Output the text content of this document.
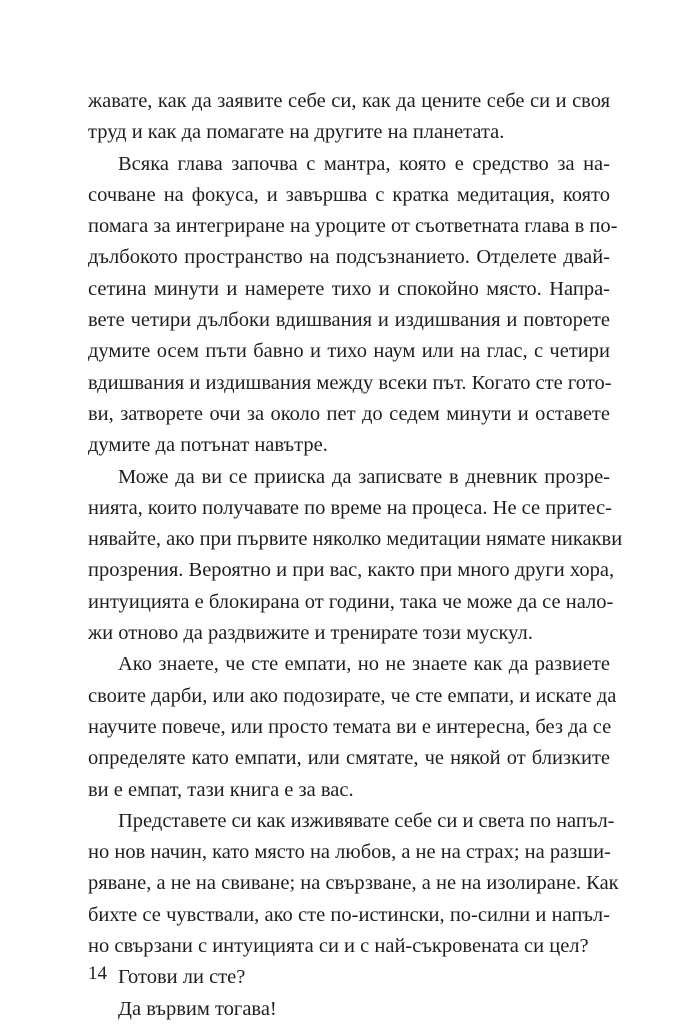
жавате, как да заявите себе си, как да цените себе си и своя
труд и как да помагате на другите на планетата.
Всяка глава започва с мантра, която е средство за на-
сочване на фокуса, и завършва с кратка медитация, която
помага за интегриране на уроците от съответната глава в по-
дълбокото пространство на подсъзнанието. Отделете двай-
сетина минути и намерете тихо и спокойно място. Напра-
вете четири дълбоки вдишвания и издишвания и повторете
думите осем пъти бавно и тихо наум или на глас, с четири
вдишвания и издишвания между всеки път. Когато сте гото-
ви, затворете очи за около пет до седем минути и оставете
думите да потънат навътре.
Може да ви се прииска да записвате в дневник прозре-
нията, които получавате по време на процеса. Не се притес-
нявайте, ако при първите няколко медитации нямате никакви
прозрения. Вероятно и при вас, както при много други хора,
интуицията е блокирана от години, така че може да се нало-
жи отново да раздвижите и тренирате този мускул.
Ако знаете, че сте емпати, но не знаете как да развиете
своите дарби, или ако подозирате, че сте емпати, и искате да
научите повече, или просто темата ви е интересна, без да се
определяте като емпати, или смятате, че някой от близките
ви е емпат, тази книга е за вас.
Представете си как изживявате себе си и света по напъл-
но нов начин, като място на любов, а не на страх; на разши-
ряване, а не на свиване; на свързване, а не на изолиране. Как
бихте се чувствали, ако сте по-истински, по-силни и напъл-
но свързани с интуицията си и с най-съкровената си цел?
Готови ли сте?
Да вървим тогава!
14
